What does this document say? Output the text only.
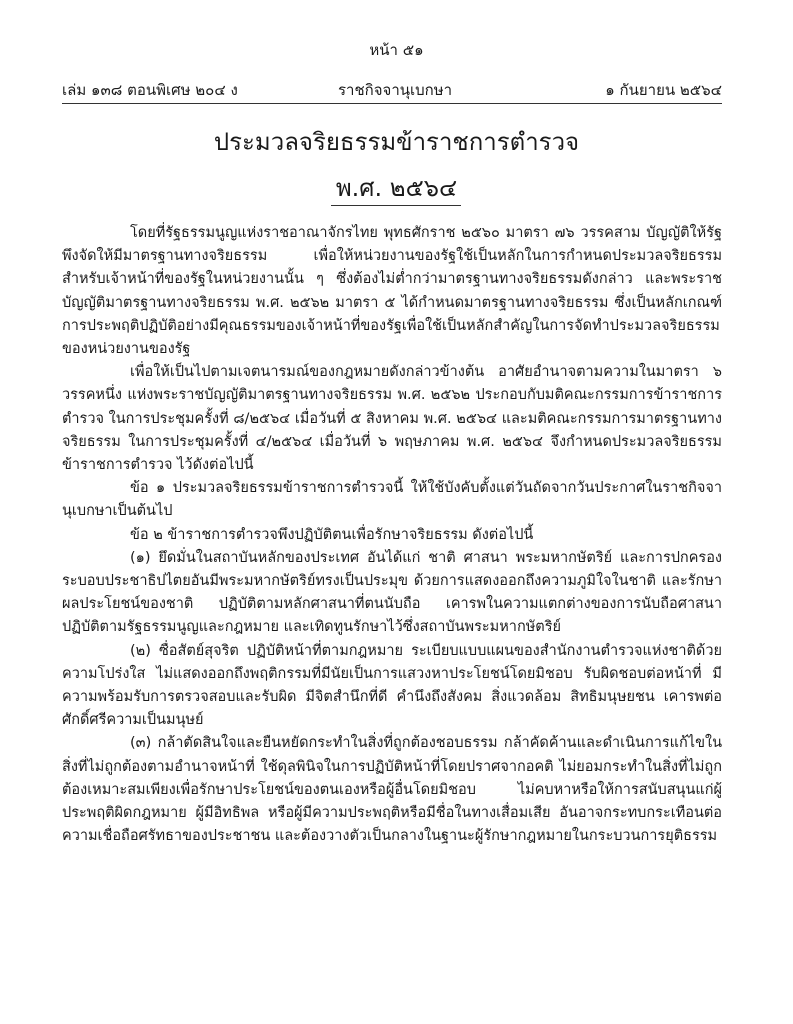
หน้า ๕๑
เล่ม ๑๓๘ ตอนพิเศษ ๒๐๔ ง	ราชกิจจานุเบกษา	๑ กันยายน ๒๕๖๔
ประมวลจริยธรรมข้าราชการตำรวจ
พ.ศ. ๒๕๖๔

โดยที่รัฐธรรมนูญแห่งราชอาณาจักรไทย พุทธศักราช ๒๕๖๐ มาตรา ๗๖ วรรคสาม บัญญัติให้รัฐพึงจัดให้มีมาตรฐานทางจริยธรรม เพื่อให้หน่วยงานของรัฐใช้เป็นหลักในการกำหนดประมวลจริยธรรมสำหรับเจ้าหน้าที่ของรัฐในหน่วยงานนั้น ๆ ซึ่งต้องไม่ต่ำกว่ามาตรฐานทางจริยธรรมดังกล่าว และพระราชบัญญัติมาตรฐานทางจริยธรรม พ.ศ. ๒๕๖๒ มาตรา ๕ ได้กำหนดมาตรฐานทางจริยธรรม ซึ่งเป็นหลักเกณฑ์การประพฤติปฏิบัติอย่างมีคุณธรรมของเจ้าหน้าที่ของรัฐเพื่อใช้เป็นหลักสำคัญในการจัดทำประมวลจริยธรรมของหน่วยงานของรัฐ

เพื่อให้เป็นไปตามเจตนารมณ์ของกฎหมายดังกล่าวข้างต้น อาศัยอำนาจตามความในมาตรา ๖ วรรคหนึ่ง แห่งพระราชบัญญัติมาตรฐานทางจริยธรรม พ.ศ. ๒๕๖๒ ประกอบกับมติคณะกรรมการข้าราชการตำรวจ ในการประชุมครั้งที่ ๘/๒๕๖๔ เมื่อวันที่ ๕ สิงหาคม พ.ศ. ๒๕๖๔ และมติคณะกรรมการมาตรฐานทางจริยธรรม ในการประชุมครั้งที่ ๔/๒๕๖๔ เมื่อวันที่ ๖ พฤษภาคม พ.ศ. ๒๕๖๔ จึงกำหนดประมวลจริยธรรมข้าราชการตำรวจ ไว้ดังต่อไปนี้

ข้อ ๑ ประมวลจริยธรรมข้าราชการตำรวจนี้ ให้ใช้บังคับตั้งแต่วันถัดจากวันประกาศในราชกิจจานุเบกษาเป็นต้นไป

ข้อ ๒ ข้าราชการตำรวจพึงปฏิบัติตนเพื่อรักษาจริยธรรม ดังต่อไปนี้

(๑) ยึดมั่นในสถาบันหลักของประเทศ อันได้แก่ ชาติ ศาสนา พระมหากษัตริย์ และการปกครองระบอบประชาธิปไตยอันมีพระมหากษัตริย์ทรงเป็นประมุข ด้วยการแสดงออกถึงความภูมิใจในชาติ และรักษาผลประโยชน์ของชาติ ปฏิบัติตามหลักศาสนาที่ตนนับถือ เคารพในความแตกต่างของการนับถือศาสนา ปฏิบัติตามรัฐธรรมนูญและกฎหมาย และเทิดทูนรักษาไว้ซึ่งสถาบันพระมหากษัตริย์

(๒) ซื่อสัตย์สุจริต ปฏิบัติหน้าที่ตามกฎหมาย ระเบียบแบบแผนของสำนักงานตำรวจแห่งชาติด้วยความโปร่งใส ไม่แสดงออกถึงพฤติกรรมที่มีนัยเป็นการแสวงหาประโยชน์โดยมิชอบ รับผิดชอบต่อหน้าที่ มีความพร้อมรับการตรวจสอบและรับผิด มีจิตสำนึกที่ดี คำนึงถึงสังคม สิ่งแวดล้อม สิทธิมนุษยชน เคารพต่อศักดิ์ศรีความเป็นมนุษย์

(๓) กล้าตัดสินใจและยืนหยัดกระทำในสิ่งที่ถูกต้องชอบธรรม กล้าคัดค้านและดำเนินการแก้ไขในสิ่งที่ไม่ถูกต้องตามอำนาจหน้าที่ ใช้ดุลพินิจในการปฏิบัติหน้าที่โดยปราศจากอคติ ไม่ยอมกระทำในสิ่งที่ไม่ถูกต้องเหมาะสมเพียงเพื่อรักษาประโยชน์ของตนเองหรือผู้อื่นโดยมิชอบ ไม่คบหาหรือให้การสนับสนุนแก่ผู้ประพฤติผิดกฎหมาย ผู้มีอิทธิพล หรือผู้มีความประพฤติหรือมีชื่อในทางเสื่อมเสีย อันอาจกระทบกระเทือนต่อความเชื่อถือศรัทธาของประชาชน และต้องวางตัวเป็นกลางในฐานะผู้รักษากฎหมายในกระบวนการยุติธรรม
